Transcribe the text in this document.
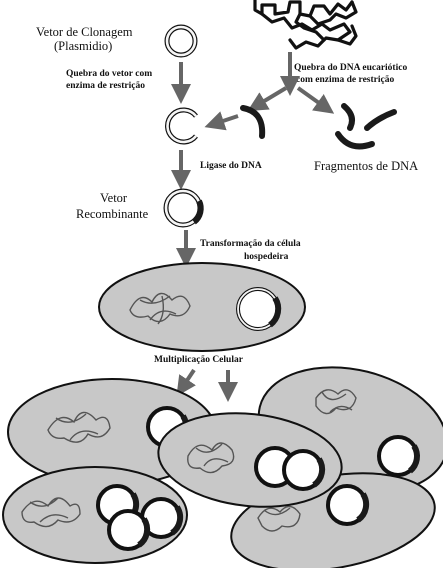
Vetor de Clonagem
(Plasmidio)
Quebra do vetor com
enzima de restrição
Quebra do DNA eucariótico
com enzima de restrição
Fragmentos de DNA
Ligase do DNA
Vetor
Recombinante
Transformação da célula
hospedeira
Multiplicação Celular
